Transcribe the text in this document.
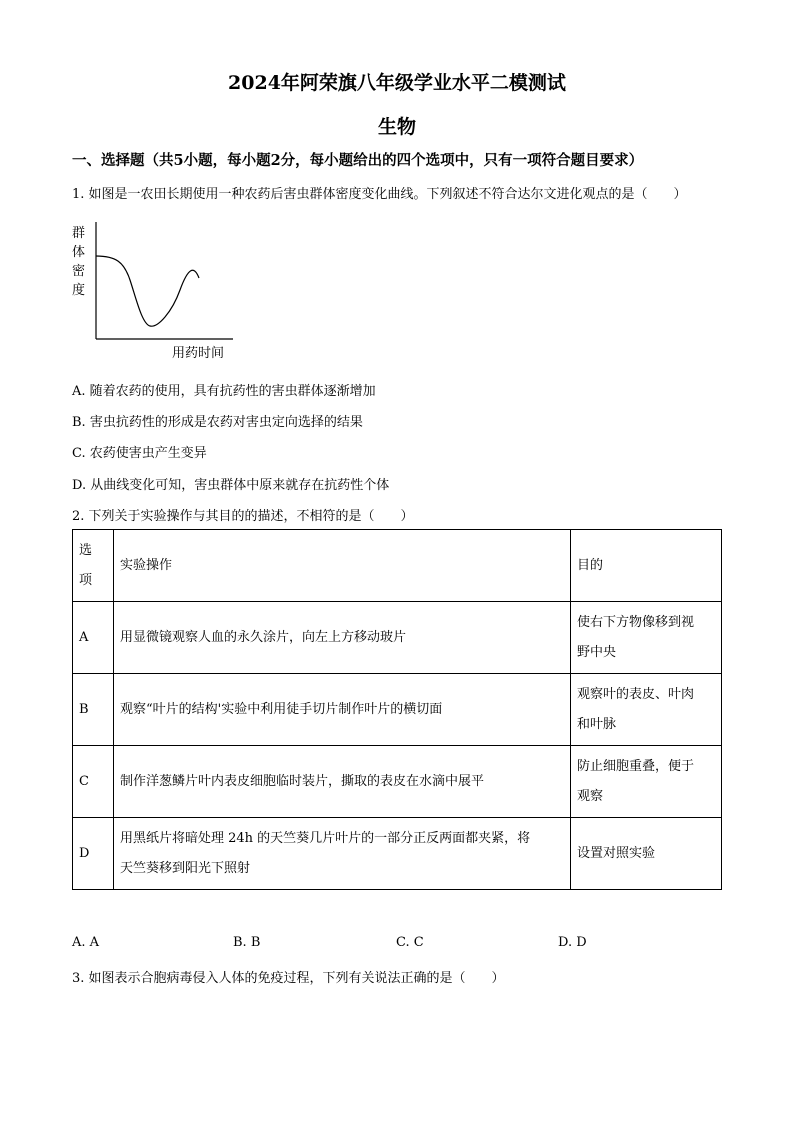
2024年阿荣旗八年级学业水平二模测试
生物
一、选择题（共5小题，每小题2分，每小题给出的四个选项中，只有一项符合题目要求）
1. 如图是一农田长期使用一种农药后害虫群体密度变化曲线。下列叙述不符合达尔文进化观点的是（　　）
群
体
密
度
用药时间
A. 随着农药的使用，具有抗药性的害虫群体逐渐增加
B. 害虫抗药性的形成是农药对害虫定向选择的结果
C. 农药使害虫产生变异
D. 从曲线变化可知，害虫群体中原来就存在抗药性个体
2. 下列关于实验操作与其目的的描述，不相符的是（　　）
选
项	实验操作	目的
A	用显微镜观察人血的永久涂片，向左上方移动玻片	使右下方物像移到视
野中央

B	观察“叶片的结构'实验中利用徒手切片制作叶片的横切面	观察叶的表皮、叶肉
和叶脉

C	制作洋葱鳞片叶内表皮细胞临时装片，撕取的表皮在水滴中展平	防止细胞重叠，便于
观察

D	用黑纸片将暗处理 24h 的天竺葵几片叶片的一部分正反两面都夹紧，将
天竺葵移到阳光下照射	设置对照实验
A. A	B. B	C. C	D. D
3. 如图表示合胞病毒侵入人体的免疫过程，下列有关说法正确的是（　　）
